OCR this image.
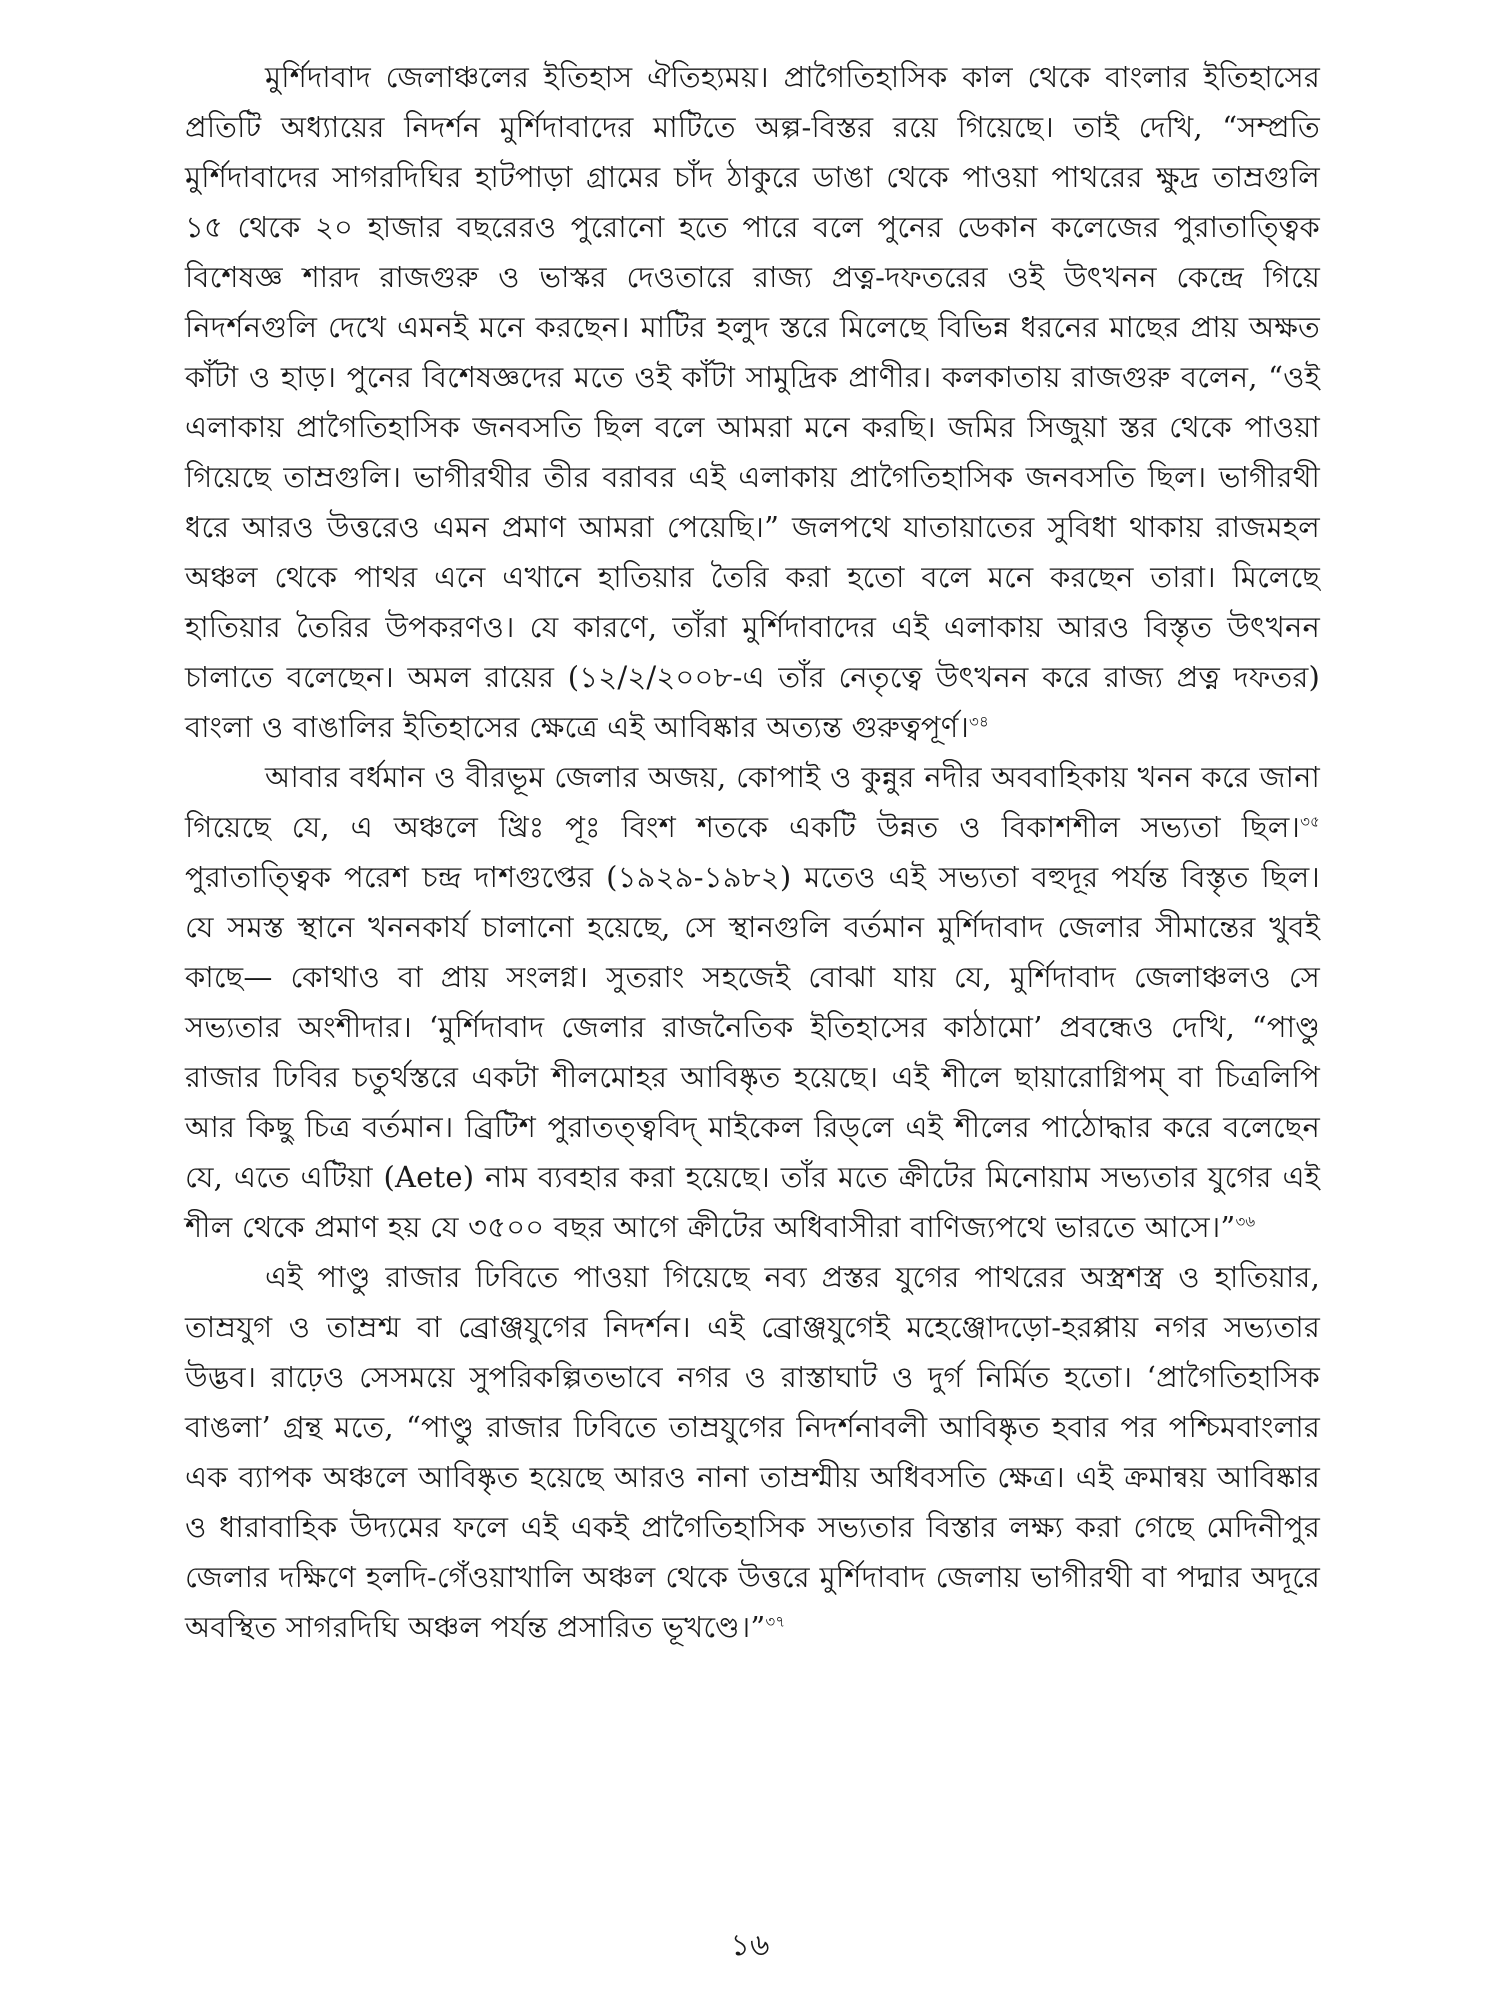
মুর্শিদাবাদ জেলাঞ্চলের ইতিহাস ঐতিহ্যময়। প্রাগৈতিহাসিক কাল থেকে বাংলার ইতিহাসের প্রতিটি অধ্যায়ের নিদর্শন মুর্শিদাবাদের মাটিতে অল্প-বিস্তর রয়ে গিয়েছে। তাই দেখি, “সম্প্রতি মুর্শিদাবাদের সাগরদিঘির হাটপাড়া গ্রামের চাঁদ ঠাকুরে ডাঙা থেকে পাওয়া পাথরের ক্ষুদ্র তাম্রগুলি ১৫ থেকে ২০ হাজার বছরেরও পুরোনো হতে পারে বলে পুনের ডেকান কলেজের পুরাতাত্ত্বিক বিশেষজ্ঞ শারদ রাজগুরু ও ভাস্কর দেওতারে রাজ্য প্রত্ন-দফতরের ওই উৎখনন কেন্দ্রে গিয়ে নিদর্শনগুলি দেখে এমনই মনে করছেন। মাটির হলুদ স্তরে মিলেছে বিভিন্ন ধরনের মাছের প্রায় অক্ষত কাঁটা ও হাড়। পুনের বিশেষজ্ঞদের মতে ওই কাঁটা সামুদ্রিক প্রাণীর। কলকাতায় রাজগুরু বলেন, “ওই এলাকায় প্রাগৈতিহাসিক জনবসতি ছিল বলে আমরা মনে করছি। জমির সিজুয়া স্তর থেকে পাওয়া গিয়েছে তাম্রগুলি। ভাগীরথীর তীর বরাবর এই এলাকায় প্রাগৈতিহাসিক জনবসতি ছিল। ভাগীরথী ধরে আরও উত্তরেও এমন প্রমাণ আমরা পেয়েছি।” জলপথে যাতায়াতের সুবিধা থাকায় রাজমহল অঞ্চল থেকে পাথর এনে এখানে হাতিয়ার তৈরি করা হতো বলে মনে করছেন তারা। মিলেছে হাতিয়ার তৈরির উপকরণও। যে কারণে, তাঁরা মুর্শিদাবাদের এই এলাকায় আরও বিস্তৃত উৎখনন চালাতে বলেছেন। অমল রায়ের (১২/২/২০০৮-এ তাঁর নেতৃত্বে উৎখনন করে রাজ্য প্রত্ন দফতর) বাংলা ও বাঙালির ইতিহাসের ক্ষেত্রে এই আবিষ্কার অত্যন্ত গুরুত্বপূর্ণ।$^{৩৪}$

আবার বর্ধমান ও বীরভূম জেলার অজয়, কোপাই ও কুন্নুর নদীর অববাহিকায় খনন করে জানা গিয়েছে যে, এ অঞ্চলে খ্রিঃ পূঃ বিংশ শতকে একটি উন্নত ও বিকাশশীল সভ্যতা ছিল।$^{৩৫}$ পুরাতাত্ত্বিক পরেশ চন্দ্র দাশগুপ্তের (১৯২৯-১৯৮২) মতেও এই সভ্যতা বহুদূর পর্যন্ত বিস্তৃত ছিল। যে সমস্ত স্থানে খননকার্য চালানো হয়েছে, সে স্থানগুলি বর্তমান মুর্শিদাবাদ জেলার সীমান্তের খুবই কাছে— কোথাও বা প্রায় সংলগ্ন। সুতরাং সহজেই বোঝা যায় যে, মুর্শিদাবাদ জেলাঞ্চলও সে সভ্যতার অংশীদার। ‘মুর্শিদাবাদ জেলার রাজনৈতিক ইতিহাসের কাঠামো’ প্রবন্ধেও দেখি, “পাণ্ডু রাজার ঢিবির চতুর্থস্তরে একটা শীলমোহর আবিষ্কৃত হয়েছে। এই শীলে ছায়ারোগ্নিপম্ বা চিত্রলিপি আর কিছু চিত্র বর্তমান। ব্রিটিশ পুরাতত্ত্ববিদ্ মাইকেল রিড্‌লে এই শীলের পাঠোদ্ধার করে বলেছেন যে, এতে এটিয়া (Aete) নাম ব্যবহার করা হয়েছে। তাঁর মতে ক্রীটের মিনোয়াম সভ্যতার যুগের এই শীল থেকে প্রমাণ হয় যে ৩৫০০ বছর আগে ক্রীটের অধিবাসীরা বাণিজ্যপথে ভারতে আসে।”$^{৩৬}$

এই পাণ্ডু রাজার ঢিবিতে পাওয়া গিয়েছে নব্য প্রস্তর যুগের পাথরের অস্ত্রশস্ত্র ও হাতিয়ার, তাম্রযুগ ও তাম্রশ্ম বা ব্রোঞ্জযুগের নিদর্শন। এই ব্রোঞ্জযুগেই মহেঞ্জোদড়ো-হরপ্পায় নগর সভ্যতার উদ্ভব। রাঢ়েও সেসময়ে সুপরিকল্পিতভাবে নগর ও রাস্তাঘাট ও দুর্গ নির্মিত হতো। ‘প্রাগৈতিহাসিক বাঙলা’ গ্রন্থ মতে, “পাণ্ডু রাজার ঢিবিতে তাম্রযুগের নিদর্শনাবলী আবিষ্কৃত হবার পর পশ্চিমবাংলার এক ব্যাপক অঞ্চলে আবিষ্কৃত হয়েছে আরও নানা তাম্রশ্মীয় অধিবসতি ক্ষেত্র। এই ক্রমান্বয় আবিষ্কার ও ধারাবাহিক উদ্যমের ফলে এই একই প্রাগৈতিহাসিক সভ্যতার বিস্তার লক্ষ্য করা গেছে মেদিনীপুর জেলার দক্ষিণে হলদি-গেঁওয়াখালি অঞ্চল থেকে উত্তরে মুর্শিদাবাদ জেলায় ভাগীরথী বা পদ্মার অদূরে অবস্থিত সাগরদিঘি অঞ্চল পর্যন্ত প্রসারিত ভূখণ্ডে।”$^{৩৭}$

১৬
